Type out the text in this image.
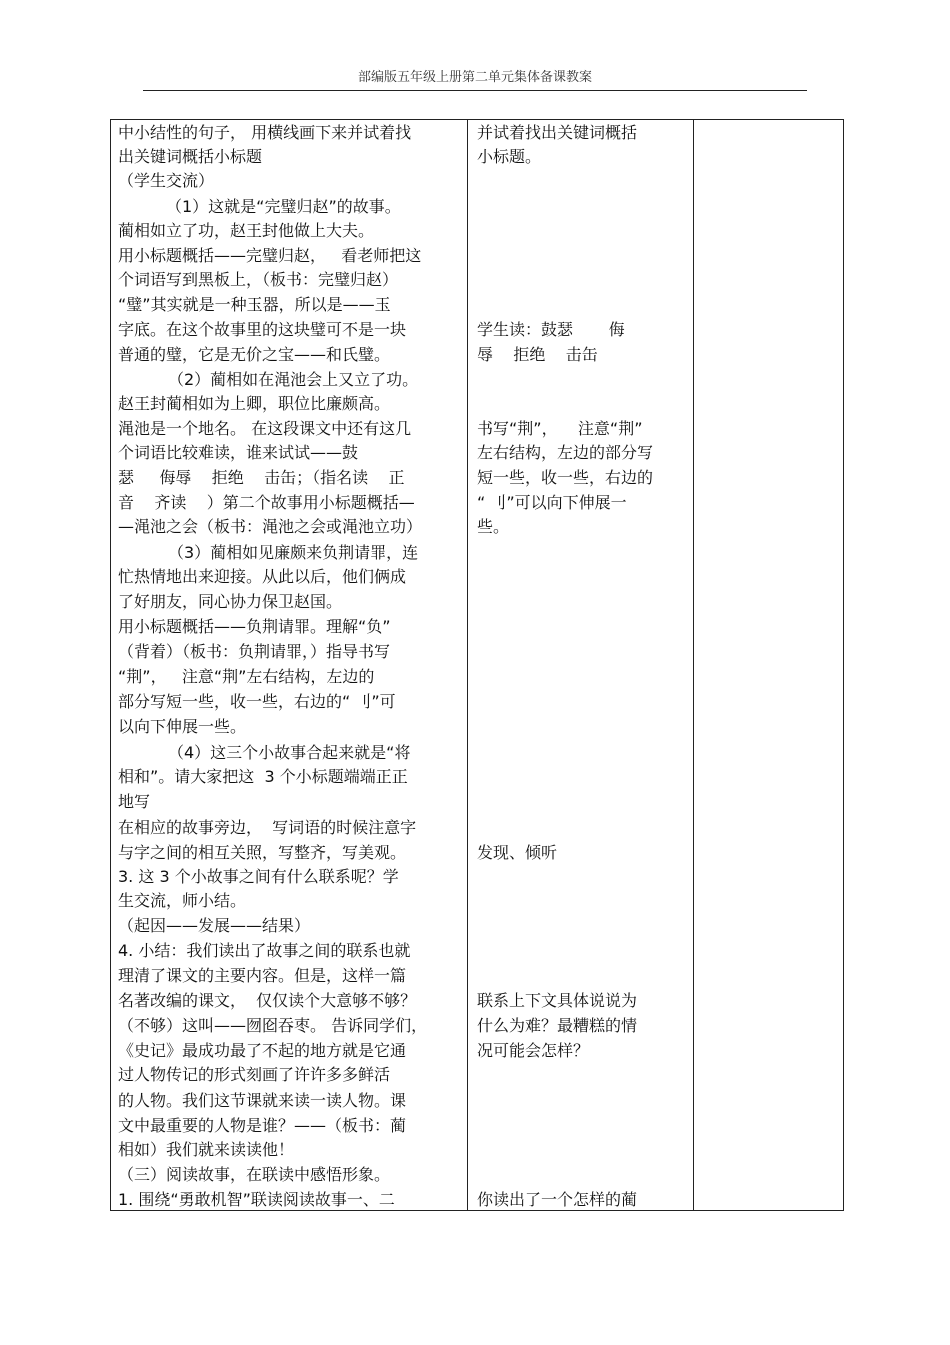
部编版五年级上册第二单元集体备课教案
中小结性的句子， 用横线画下来并试着找
出关键词概括小标题
（学生交流）
（1）这就是“完璧归赵”的故事。
蔺相如立了功，赵王封他做上大夫。
用小标题概括——完璧归赵，   看老师把这
个词语写到黑板上，（板书：完璧归赵）
“璧”其实就是一种玉器，所以是——玉
字底。在这个故事里的这块璧可不是一块
普通的璧，它是无价之宝——和氏璧。
（2）蔺相如在渑池会上又立了功。
赵王封蔺相如为上卿，职位比廉颇高。
渑池是一个地名。 在这段课文中还有这几
个词语比较难读，谁来试试——鼓
瑟     侮辱    拒绝    击缶；（指名读    正
音    齐读    ）第二个故事用小标题概括—
—渑池之会（板书：渑池之会或渑池立功）
（3）蔺相如见廉颇来负荆请罪，连
忙热情地出来迎接。从此以后，他们俩成
了好朋友，同心协力保卫赵国。
用小标题概括——负荆请罪。理解“负”
（背着）（板书：负荆请罪，）指导书写
“荆”，   注意“荆”左右结构，左边的
部分写短一些，收一些，右边的“ 刂”可
以向下伸展一些。
（4）这三个小故事合起来就是“将
相和”。请大家把这  3 个小标题端端正正
地写
在相应的故事旁边，  写词语的时候注意字
与字之间的相互关照，写整齐，写美观。
3. 这 3 个小故事之间有什么联系呢？学
生交流，师小结。
（起因——发展——结果）
4. 小结：我们读出了故事之间的联系也就
理清了课文的主要内容。但是，这样一篇
名著改编的课文，  仅仅读个大意够不够？
（不够）这叫——囫囵吞枣。 告诉同学们，
《史记》最成功最了不起的地方就是它通
过人物传记的形式刻画了许许多多鲜活
的人物。我们这节课就来读一读人物。课
文中最重要的人物是谁？——（板书：蔺
相如）我们就来读读他！
（三）阅读故事，在联读中感悟形象。
1. 围绕“勇敢机智”联读阅读故事一、二
并试着找出关键词概括
小标题。
学生读：鼓瑟       侮
辱    拒绝    击缶
书写“荆”，    注意“荆”
左右结构，左边的部分写
短一些，收一些，右边的
“ 刂”可以向下伸展一
些。
发现、倾听
联系上下文具体说说为
什么为难？最糟糕的情
况可能会怎样？
你读出了一个怎样的蔺
